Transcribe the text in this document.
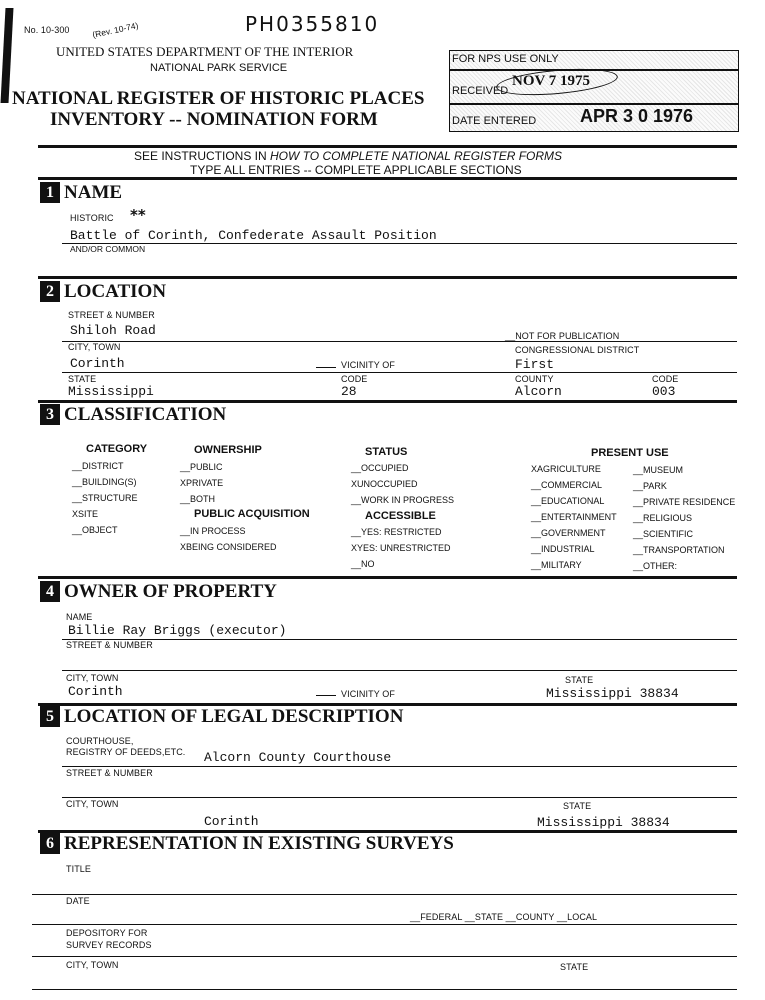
No. 10-300	(Rev. 10-74)	PH0355810
UNITED STATES DEPARTMENT OF THE INTERIOR
NATIONAL PARK SERVICE
NATIONAL REGISTER OF HISTORIC PLACES
INVENTORY -- NOMINATION FORM
FOR NPS USE ONLY
RECEIVED
NOV 7 1975
DATE ENTERED APR 3 0 1976
SEE INSTRUCTIONS IN HOW TO COMPLETE NATIONAL REGISTER FORMS
TYPE ALL ENTRIES -- COMPLETE APPLICABLE SECTIONS
1 NAME
HISTORIC **
Battle of Corinth, Confederate Assault Position
AND/OR COMMON
2 LOCATION
STREET & NUMBER
Shiloh Road	__NOT FOR PUBLICATION
CITY, TOWN	CONGRESSIONAL DISTRICT
Corinth	VICINITY OF	First
STATE	CODE	COUNTY	CODE
Mississippi	28	Alcorn	003
3 CLASSIFICATION
CATEGORY
__DISTRICT
__BUILDING(S)
__STRUCTURE
XSITE
__OBJECT
OWNERSHIP
__PUBLIC
XPRIVATE
__BOTH
PUBLIC ACQUISITION
__IN PROCESS
XBEING CONSIDERED
STATUS
__OCCUPIED
XUNOCCUPIED
__WORK IN PROGRESS
ACCESSIBLE
__YES: RESTRICTED
XYES: UNRESTRICTED
__NO
PRESENT USE
XAGRICULTURE
__COMMERCIAL
__EDUCATIONAL
__ENTERTAINMENT
__GOVERNMENT
__INDUSTRIAL
__MILITARY
__MUSEUM
__PARK
__PRIVATE RESIDENCE
__RELIGIOUS
__SCIENTIFIC
__TRANSPORTATION
__OTHER:
4 OWNER OF PROPERTY
NAME
Billie Ray Briggs (executor)
STREET & NUMBER
CITY, TOWN	STATE
Corinth	VICINITY OF	Mississippi 38834
5 LOCATION OF LEGAL DESCRIPTION
COURTHOUSE,
REGISTRY OF DEEDS,ETC. Alcorn County Courthouse
STREET & NUMBER
CITY, TOWN	STATE
Corinth	Mississippi 38834
6 REPRESENTATION IN EXISTING SURVEYS
TITLE
DATE
__FEDERAL __STATE __COUNTY __LOCAL
DEPOSITORY FOR
SURVEY RECORDS
CITY, TOWN	STATE
